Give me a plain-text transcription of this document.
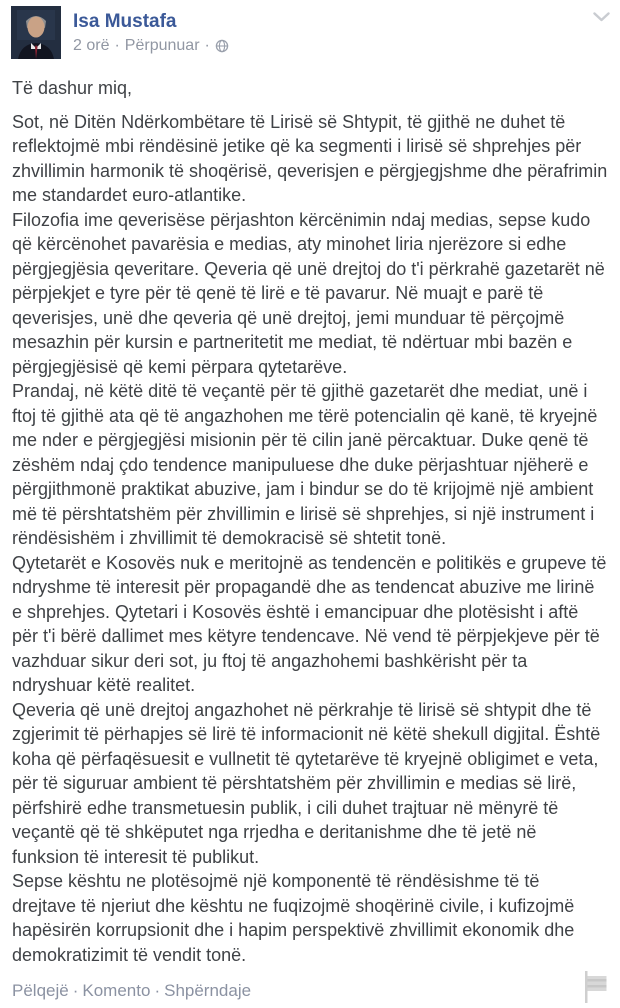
Isa Mustafa
2 orë · Përpunuar ·

Të dashur miq,

Sot, në Ditën Ndërkombëtare të Lirisë së Shtypit, të gjithë ne duhet të reflektojmë mbi rëndësinë jetike që ka segmenti i lirisë së shprehjes për zhvillimin harmonik të shoqërisë, qeverisjen e përgjegjshme dhe përafrimin me standardet euro-atlantike.

Filozofia ime qeverisëse përjashton kërcënimin ndaj medias, sepse kudo që kërcënohet pavarësia e medias, aty minohet liria njerëzore si edhe përgjegjësia qeveritare. Qeveria që unë drejtoj do t'i përkrahë gazetarët në përpjekjet e tyre për të qenë të lirë e të pavarur. Në muajt e parë të qeverisjes, unë dhe qeveria që unë drejtoj, jemi munduar të përçojmë mesazhin për kursin e partneritetit me mediat, të ndërtuar mbi bazën e përgjegjësisë që kemi përpara qytetarëve.

Prandaj, në këtë ditë të veçantë për të gjithë gazetarët dhe mediat, unë i ftoj të gjithë ata që të angazhohen me tërë potencialin që kanë, të kryejnë me nder e përgjegjësi misionin për të cilin janë përcaktuar. Duke qenë të zëshëm ndaj çdo tendence manipuluese dhe duke përjashtuar njëherë e përgjithmonë praktikat abuzive, jam i bindur se do të krijojmë një ambient më të përshtatshëm për zhvillimin e lirisë së shprehjes, si një instrument i rëndësishëm i zhvillimit të demokracisë së shtetit tonë.

Qytetarët e Kosovës nuk e meritojnë as tendencën e politikës e grupeve të ndryshme të interesit për propagandë dhe as tendencat abuzive me lirinë e shprehjes. Qytetari i Kosovës është i emancipuar dhe plotësisht i aftë për t'i bërë dallimet mes këtyre tendencave. Në vend të përpjekjeve për të vazhduar sikur deri sot, ju ftoj të angazhohemi bashkërisht për ta ndryshuar këtë realitet.

Qeveria që unë drejtoj angazhohet në përkrahje të lirisë së shtypit dhe të zgjerimit të përhapjes së lirë të informacionit në këtë shekull digjital. Është koha që përfaqësuesit e vullnetit të qytetarëve të kryejnë obligimet e veta, për të siguruar ambient të përshtatshëm për zhvillimin e medias së lirë, përfshirë edhe transmetuesin publik, i cili duhet trajtuar në mënyrë të veçantë që të shkëputet nga rrjedha e deritanishme dhe të jetë në funksion të interesit të publikut.

Sepse kështu ne plotësojmë një komponentë të rëndësishme të të drejtave të njeriut dhe kështu ne fuqizojmë shoqërinë civile, i kufizojmë hapësirën korrupsionit dhe i hapim perspektivë zhvillimit ekonomik dhe demokratizimit të vendit tonë.

Pëlqejë · Komento · Shpërndaje
